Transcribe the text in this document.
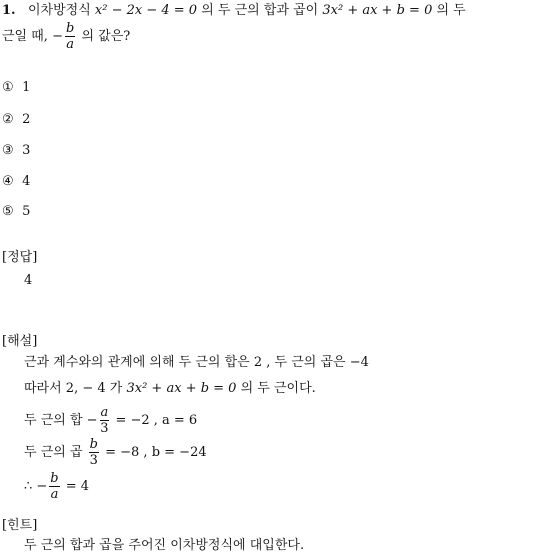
1. 이차방정식 x² − 2x − 4 = 0 의 두 근의 합과 곱이 3x² + ax + b = 0 의 두
근일 때, − $\frac{b}{a}$ 의 값은?
① 1
② 2
③ 3
④ 4
⑤ 5
[정답]
4
[해설]
근과 계수와의 관계에 의해 두 근의 합은 2 , 두 근의 곱은 −4
따라서 2, − 4 가 3x² + ax + b = 0 의 두 근이다.
두 근의 합 − $\frac{a}{3} = -2$ , a = 6
두 근의 곱 $\frac{b}{3} = -8$ , b = −24
∴ − $\frac{b}{a} = 4$
[힌트]
두 근의 합과 곱을 주어진 이차방정식에 대입한다.
